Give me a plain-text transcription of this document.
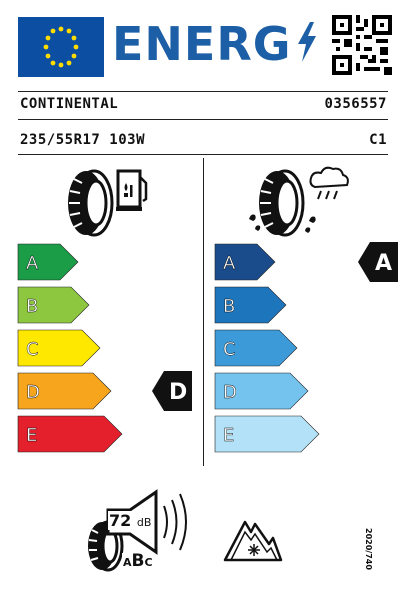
ENERG
CONTINENTAL	0356557
235/55R17 103W	C1
A
B
C
D	D
E
A	A
B
C
D
E
72 dB
ABC	2020/740
